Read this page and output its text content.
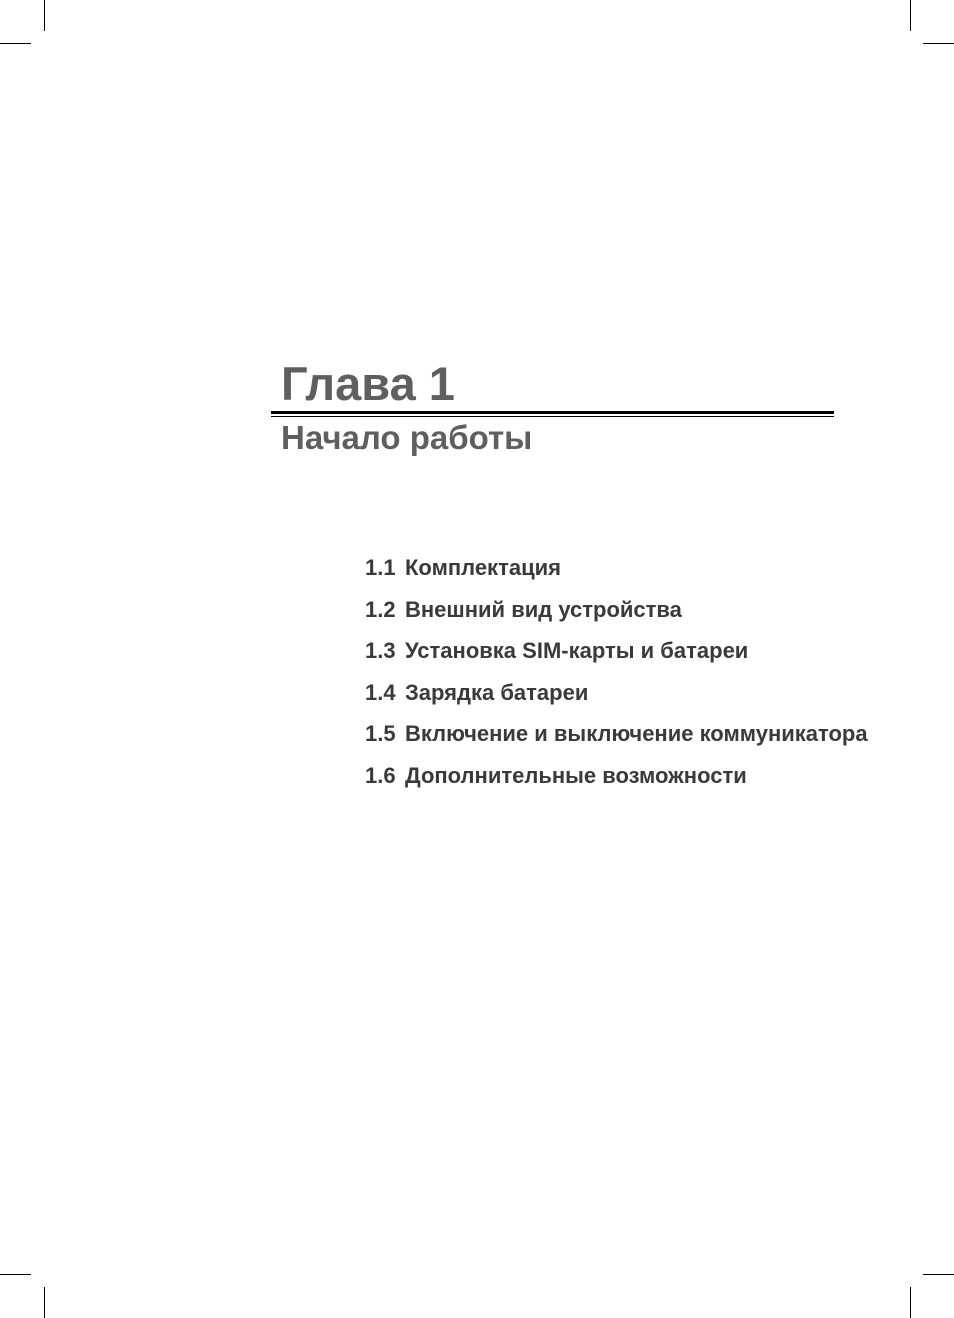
Глава 1
Начало работы
1.1 Комплектация
1.2 Внешний вид устройства
1.3 Установка SIM-карты и батареи
1.4 Зарядка батареи
1.5 Включение и выключение коммуникатора
1.6 Дополнительные возможности
